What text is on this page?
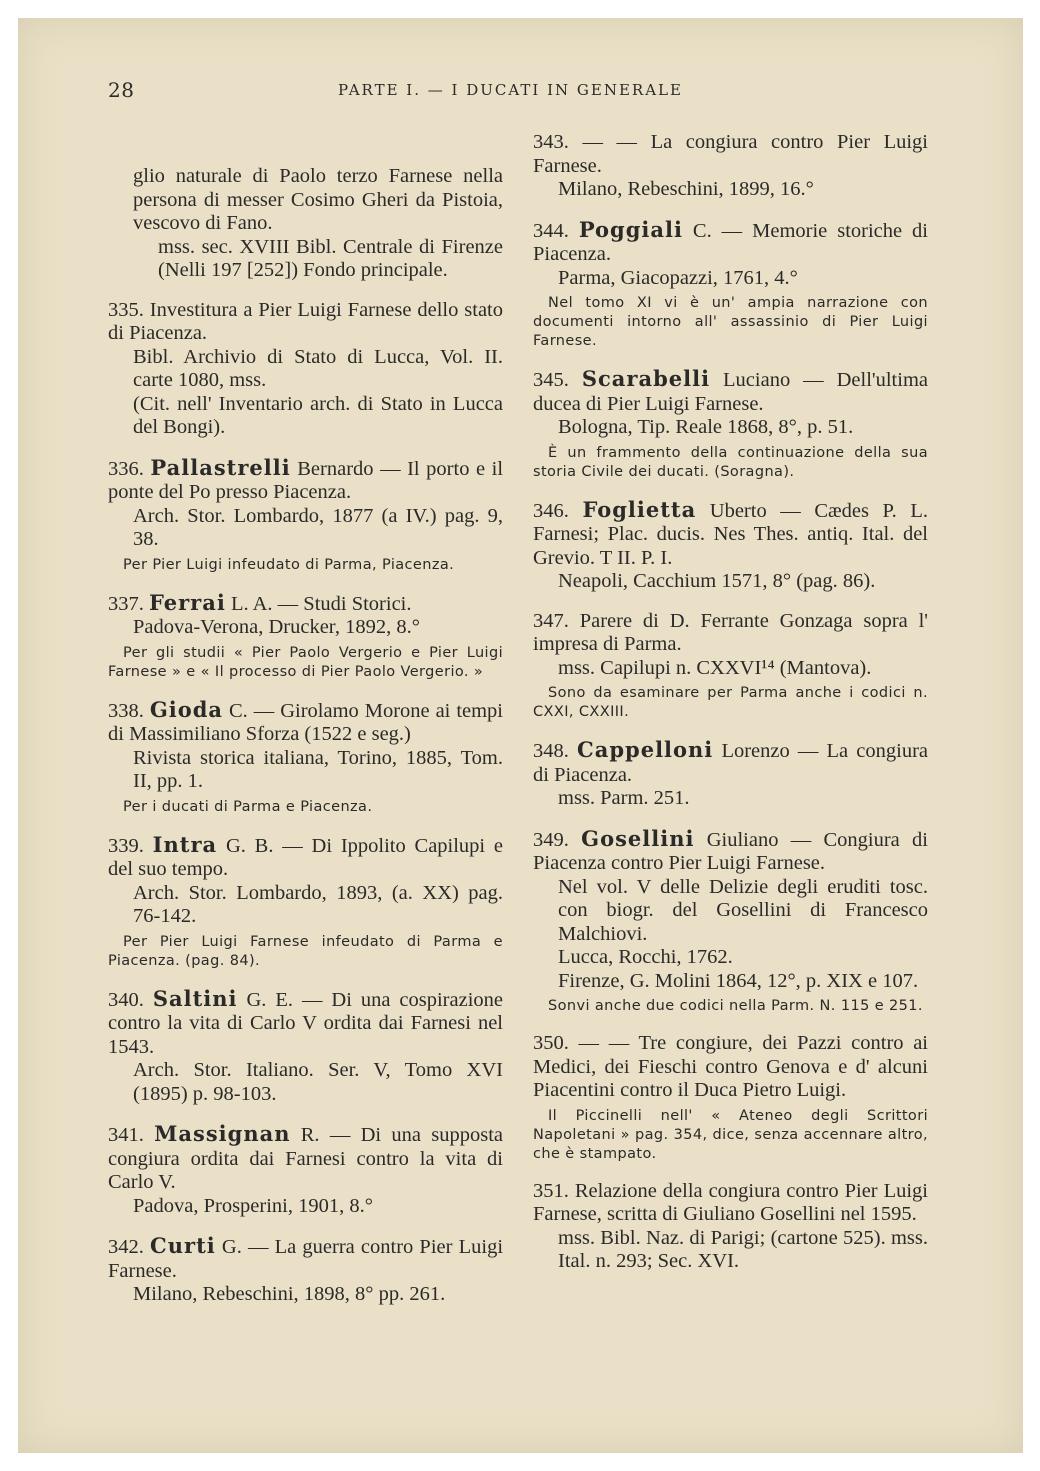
28	PARTE I. — I DUCATI IN GENERALE
glio naturale di Paolo terzo Farnese nella persona di messer Cosimo Gheri da Pistoia, vescovo di Fano.
mss. sec. XVIII Bibl. Centrale di Firenze (Nelli 197 [252]) Fondo principale.
335. Investitura a Pier Luigi Farnese dello stato di Piacenza.
Bibl. Archivio di Stato di Lucca, Vol. II. carte 1080, mss.
(Cit. nell' Inventario arch. di Stato in Lucca del Bongi).
336. Pallastrelli Bernardo — Il porto e il ponte del Po presso Piacenza.
Arch. Stor. Lombardo, 1877 (a IV.) pag. 9, 38.
Per Pier Luigi infeudato di Parma, Piacenza.
337. Ferrai L. A. — Studi Storici.
Padova-Verona, Drucker, 1892, 8.°
Per gli studii « Pier Paolo Vergerio e Pier Luigi Farnese » e « Il processo di Pier Paolo Vergerio. »
338. Gioda C. — Girolamo Morone ai tempi di Massimiliano Sforza (1522 e seg.)
Rivista storica italiana, Torino, 1885, Tom. II, pp. 1.
Per i ducati di Parma e Piacenza.
339. Intra G. B. — Di Ippolito Capilupi e del suo tempo.
Arch. Stor. Lombardo, 1893, (a. XX) pag. 76-142.
Per Pier Luigi Farnese infeudato di Parma e Piacenza. (pag. 84).
340. Saltini G. E. — Di una cospirazione contro la vita di Carlo V ordita dai Farnesi nel 1543.
Arch. Stor. Italiano. Ser. V, Tomo XVI (1895) p. 98-103.
341. Massignan R. — Di una supposta congiura ordita dai Farnesi contro la vita di Carlo V.
Padova, Prosperini, 1901, 8.°
342. Curti G. — La guerra contro Pier Luigi Farnese.
Milano, Rebeschini, 1898, 8° pp. 261.
343. — — La congiura contro Pier Luigi Farnese.
Milano, Rebeschini, 1899, 16.°
344. Poggiali C. — Memorie storiche di Piacenza.
Parma, Giacopazzi, 1761, 4.°
Nel tomo XI vi è un' ampia narrazione con documenti intorno all' assassinio di Pier Luigi Farnese.
345. Scarabelli Luciano — Dell'ultima ducea di Pier Luigi Farnese.
Bologna, Tip. Reale 1868, 8°, p. 51.
È un frammento della continuazione della sua storia Civile dei ducati. (Soragna).
346. Foglietta Uberto — Cædes P. L. Farnesi; Plac. ducis. Nes Thes. antiq. Ital. del Grevio. T II. P. I.
Neapoli, Cacchium 1571, 8° (pag. 86).
347. Parere di D. Ferrante Gonzaga sopra l' impresa di Parma.
mss. Capilupi n. CXXVI¹⁴ (Mantova).
Sono da esaminare per Parma anche i codici n. CXXI, CXXIII.
348. Cappelloni Lorenzo — La congiura di Piacenza.
mss. Parm. 251.
349. Gosellini Giuliano — Congiura di Piacenza contro Pier Luigi Farnese.
Nel vol. V delle Delizie degli eruditi tosc. con biogr. del Gosellini di Francesco Malchiovi.
Lucca, Rocchi, 1762.
Firenze, G. Molini 1864, 12°, p. XIX e 107.
Sonvi anche due codici nella Parm. N. 115 e 251.
350. — — Tre congiure, dei Pazzi contro ai Medici, dei Fieschi contro Genova e d' alcuni Piacentini contro il Duca Pietro Luigi.
Il Piccinelli nell' « Ateneo degli Scrittori Napoletani » pag. 354, dice, senza accennare altro, che è stampato.
351. Relazione della congiura contro Pier Luigi Farnese, scritta di Giuliano Gosellini nel 1595.
mss. Bibl. Naz. di Parigi; (cartone 525). mss. Ital. n. 293; Sec. XVI.
